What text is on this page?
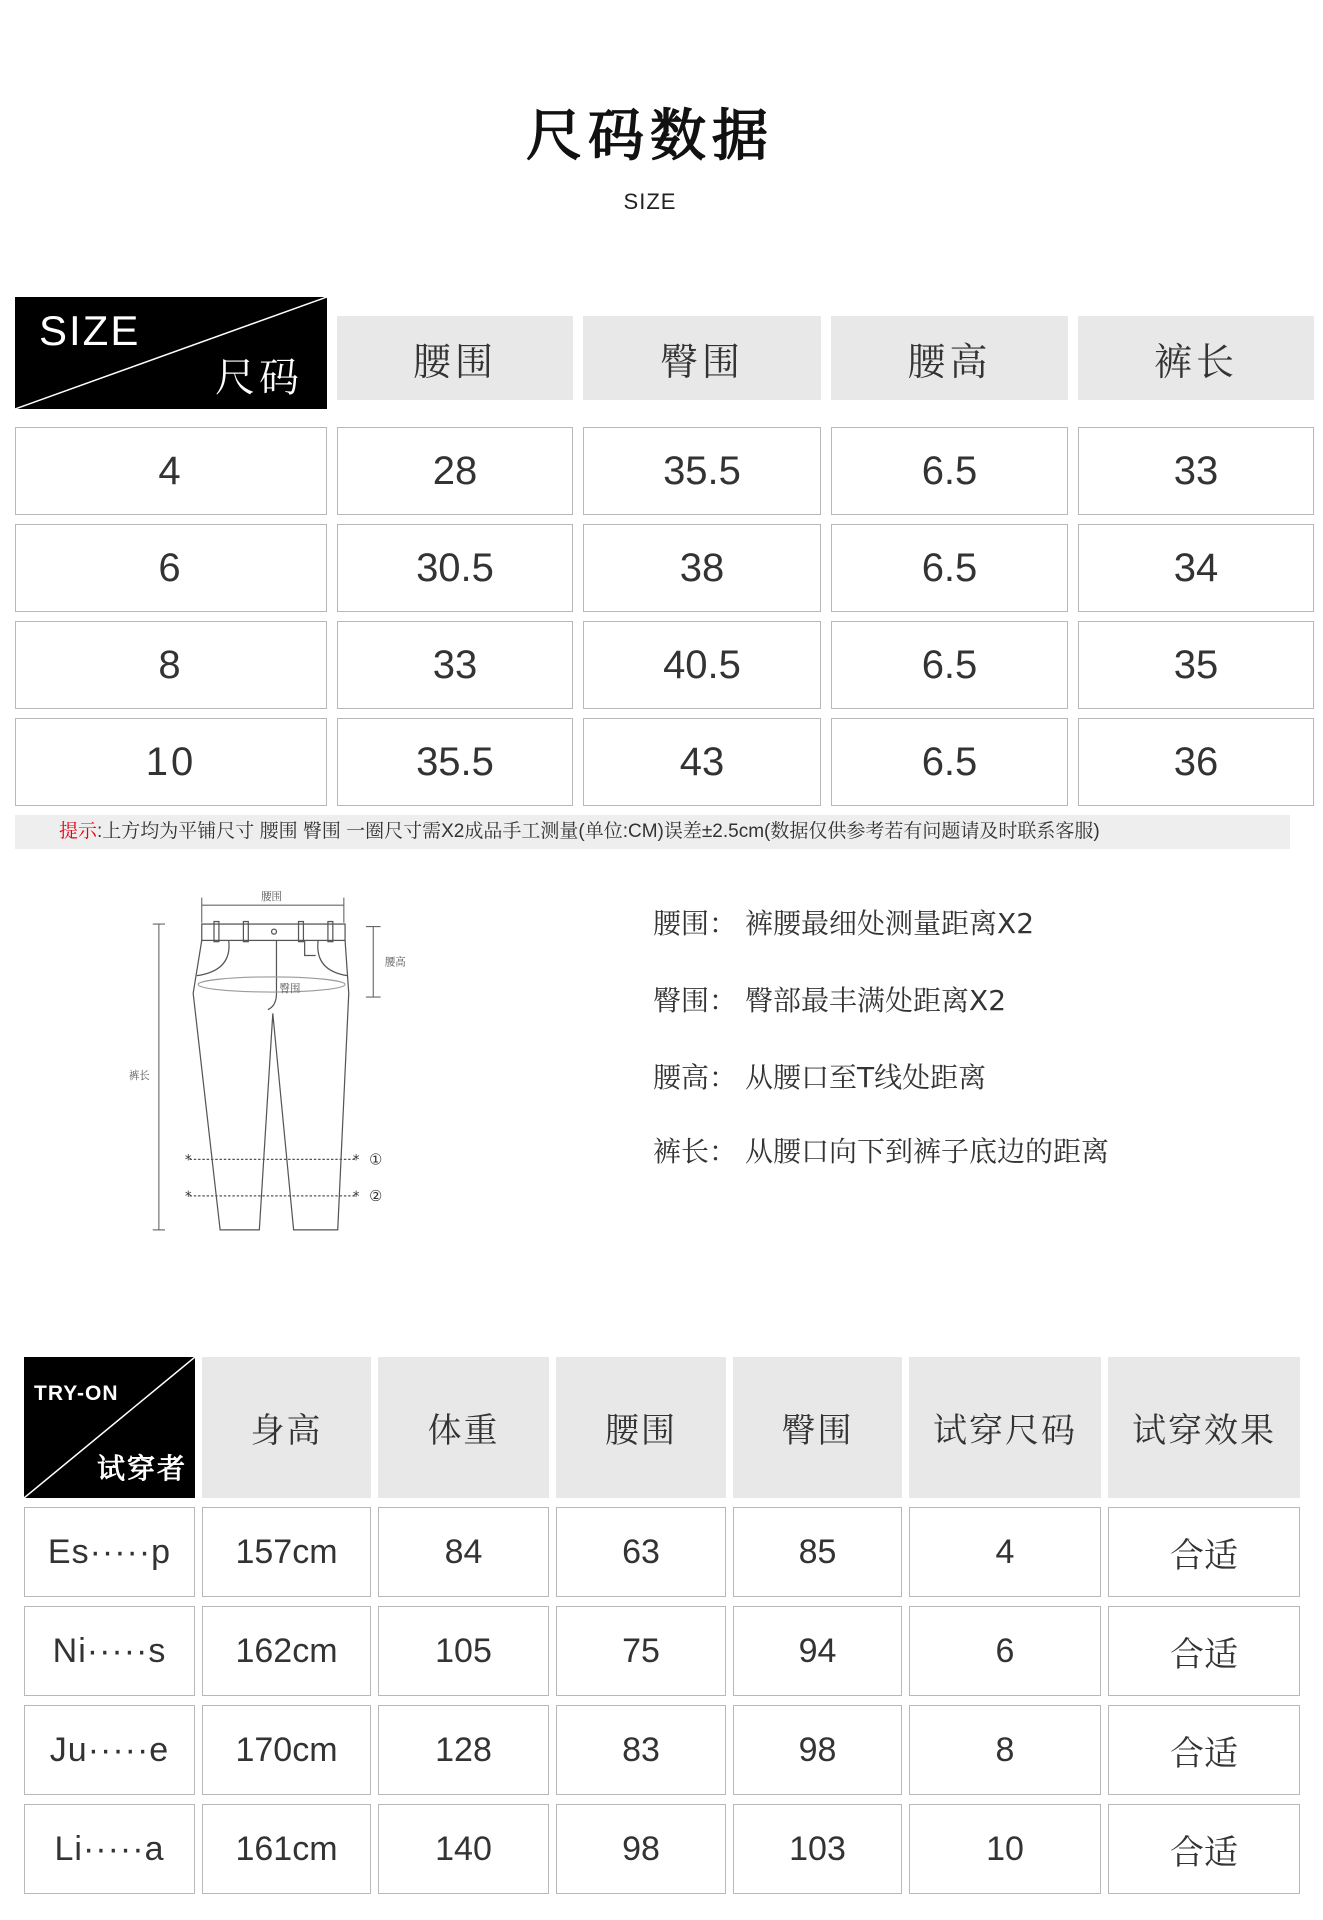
尺码数据
SIZE
SIZE
尺码	腰围	臀围	腰高	裤长
4	28	35.5	6.5	33
6	30.5	38	6.5	34
8	33	40.5	6.5	35
10	35.5	43	6.5	36
提示:上方均为平铺尺寸 腰围 臀围 一圈尺寸需X2成品手工测量(单位:CM)误差±2.5cm(数据仅供参考若有问题请及时联系客服)
*	*
*	*
腰围
臀围
腰高
裤长
①
②
腰围： 裤腰最细处测量距离X2
臀围： 臀部最丰满处距离X2
腰高： 从腰口至T线处距离
裤长： 从腰口向下到裤子底边的距离
TRY-ON
试穿者
身高	体重	腰围	臀围	试穿尺码	试穿效果
Es·····p	157cm	84	63	85	4	合适
Ni·····s	162cm	105	75	94	6	合适
Ju·····e	170cm	128	83	98	8	合适
Li·····a	161cm	140	98	103	10	合适
